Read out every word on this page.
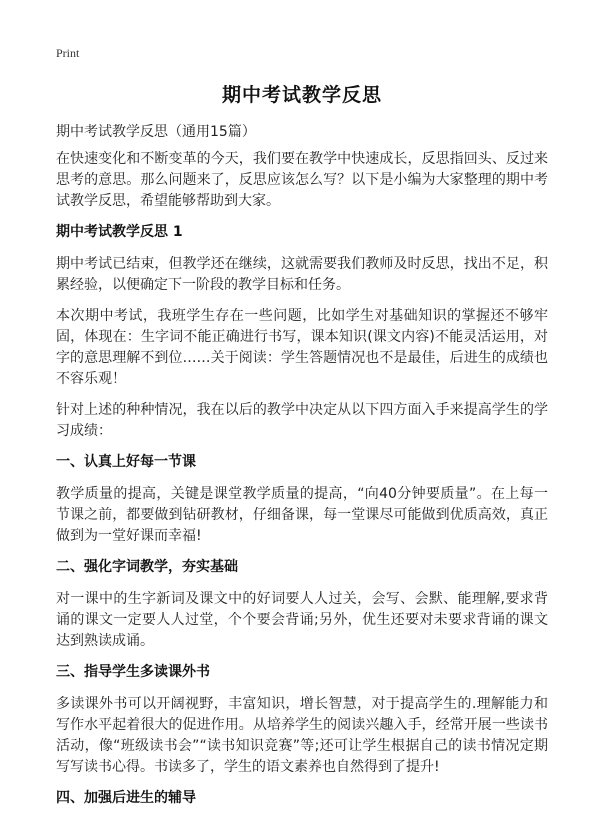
Print
期中考试教学反思
期中考试教学反思（通用15篇）

在快速变化和不断变革的今天，我们要在教学中快速成长，反思指回头、反过来思考的意思。那么问题来了，反思应该怎么写？以下是小编为大家整理的期中考试教学反思，希望能够帮助到大家。

期中考试教学反思 1

期中考试已结束，但教学还在继续，这就需要我们教师及时反思，找出不足，积累经验，以便确定下一阶段的教学目标和任务。

本次期中考试，我班学生存在一些问题，比如学生对基础知识的掌握还不够牢固，体现在：生字词不能正确进行书写，课本知识(课文内容)不能灵活运用，对字的意思理解不到位……关于阅读：学生答题情况也不是最佳，后进生的成绩也不容乐观！

针对上述的种种情况，我在以后的教学中决定从以下四方面入手来提高学生的学习成绩：

一、认真上好每一节课

教学质量的提高，关键是课堂教学质量的提高，“向40分钟要质量”。在上每一节课之前，都要做到钻研教材，仔细备课，每一堂课尽可能做到优质高效，真正做到为一堂好课而幸福!

二、强化字词教学，夯实基础

对一课中的生字新词及课文中的好词要人人过关，会写、会默、能理解,要求背诵的课文一定要人人过堂，个个要会背诵;另外，优生还要对未要求背诵的课文达到熟读成诵。

三、指导学生多读课外书

多读课外书可以开阔视野，丰富知识，增长智慧，对于提高学生的.理解能力和写作水平起着很大的促进作用。从培养学生的阅读兴趣入手，经常开展一些读书活动，像“班级读书会”“读书知识竞赛”等;还可让学生根据自己的读书情况定期写写读书心得。书读多了，学生的语文素养也自然得到了提升!

四、加强后进生的辅导
